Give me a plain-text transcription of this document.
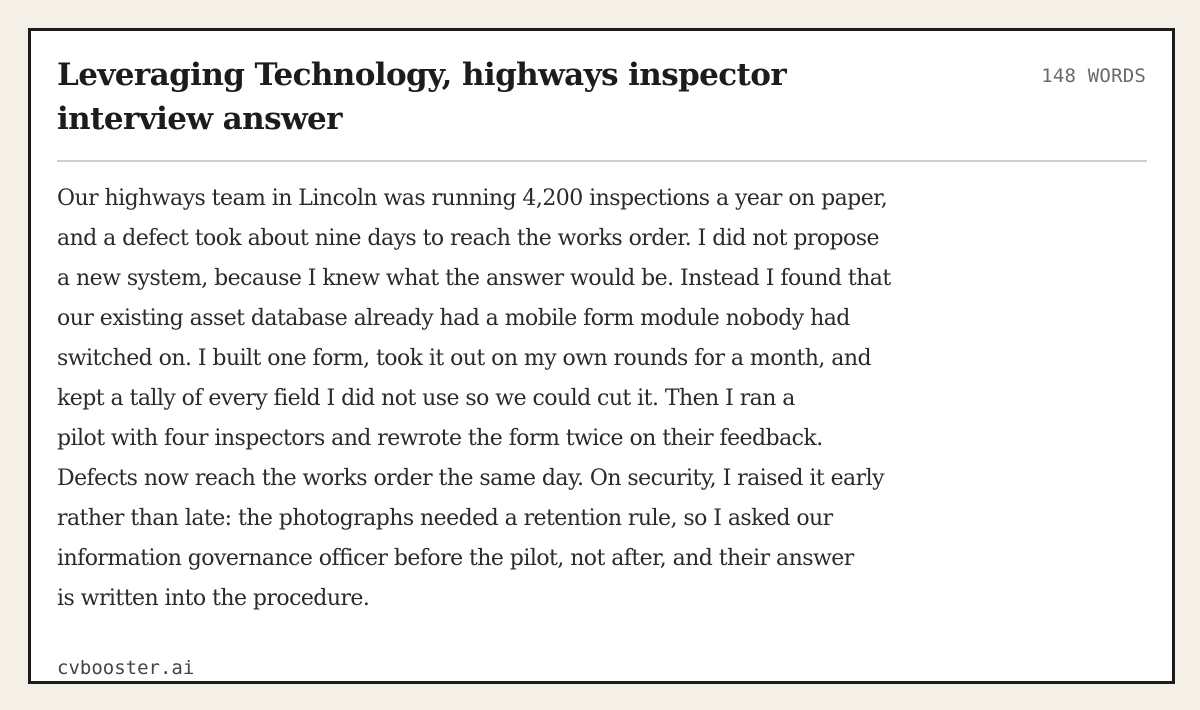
Leveraging Technology, highways inspector interview answer
148 WORDS
Our highways team in Lincoln was running 4,200 inspections a year on paper,
and a defect took about nine days to reach the works order. I did not propose
a new system, because I knew what the answer would be. Instead I found that
our existing asset database already had a mobile form module nobody had
switched on. I built one form, took it out on my own rounds for a month, and
kept a tally of every field I did not use so we could cut it. Then I ran a
pilot with four inspectors and rewrote the form twice on their feedback.
Defects now reach the works order the same day. On security, I raised it early
rather than late: the photographs needed a retention rule, so I asked our
information governance officer before the pilot, not after, and their answer
is written into the procedure.
cvbooster.ai
